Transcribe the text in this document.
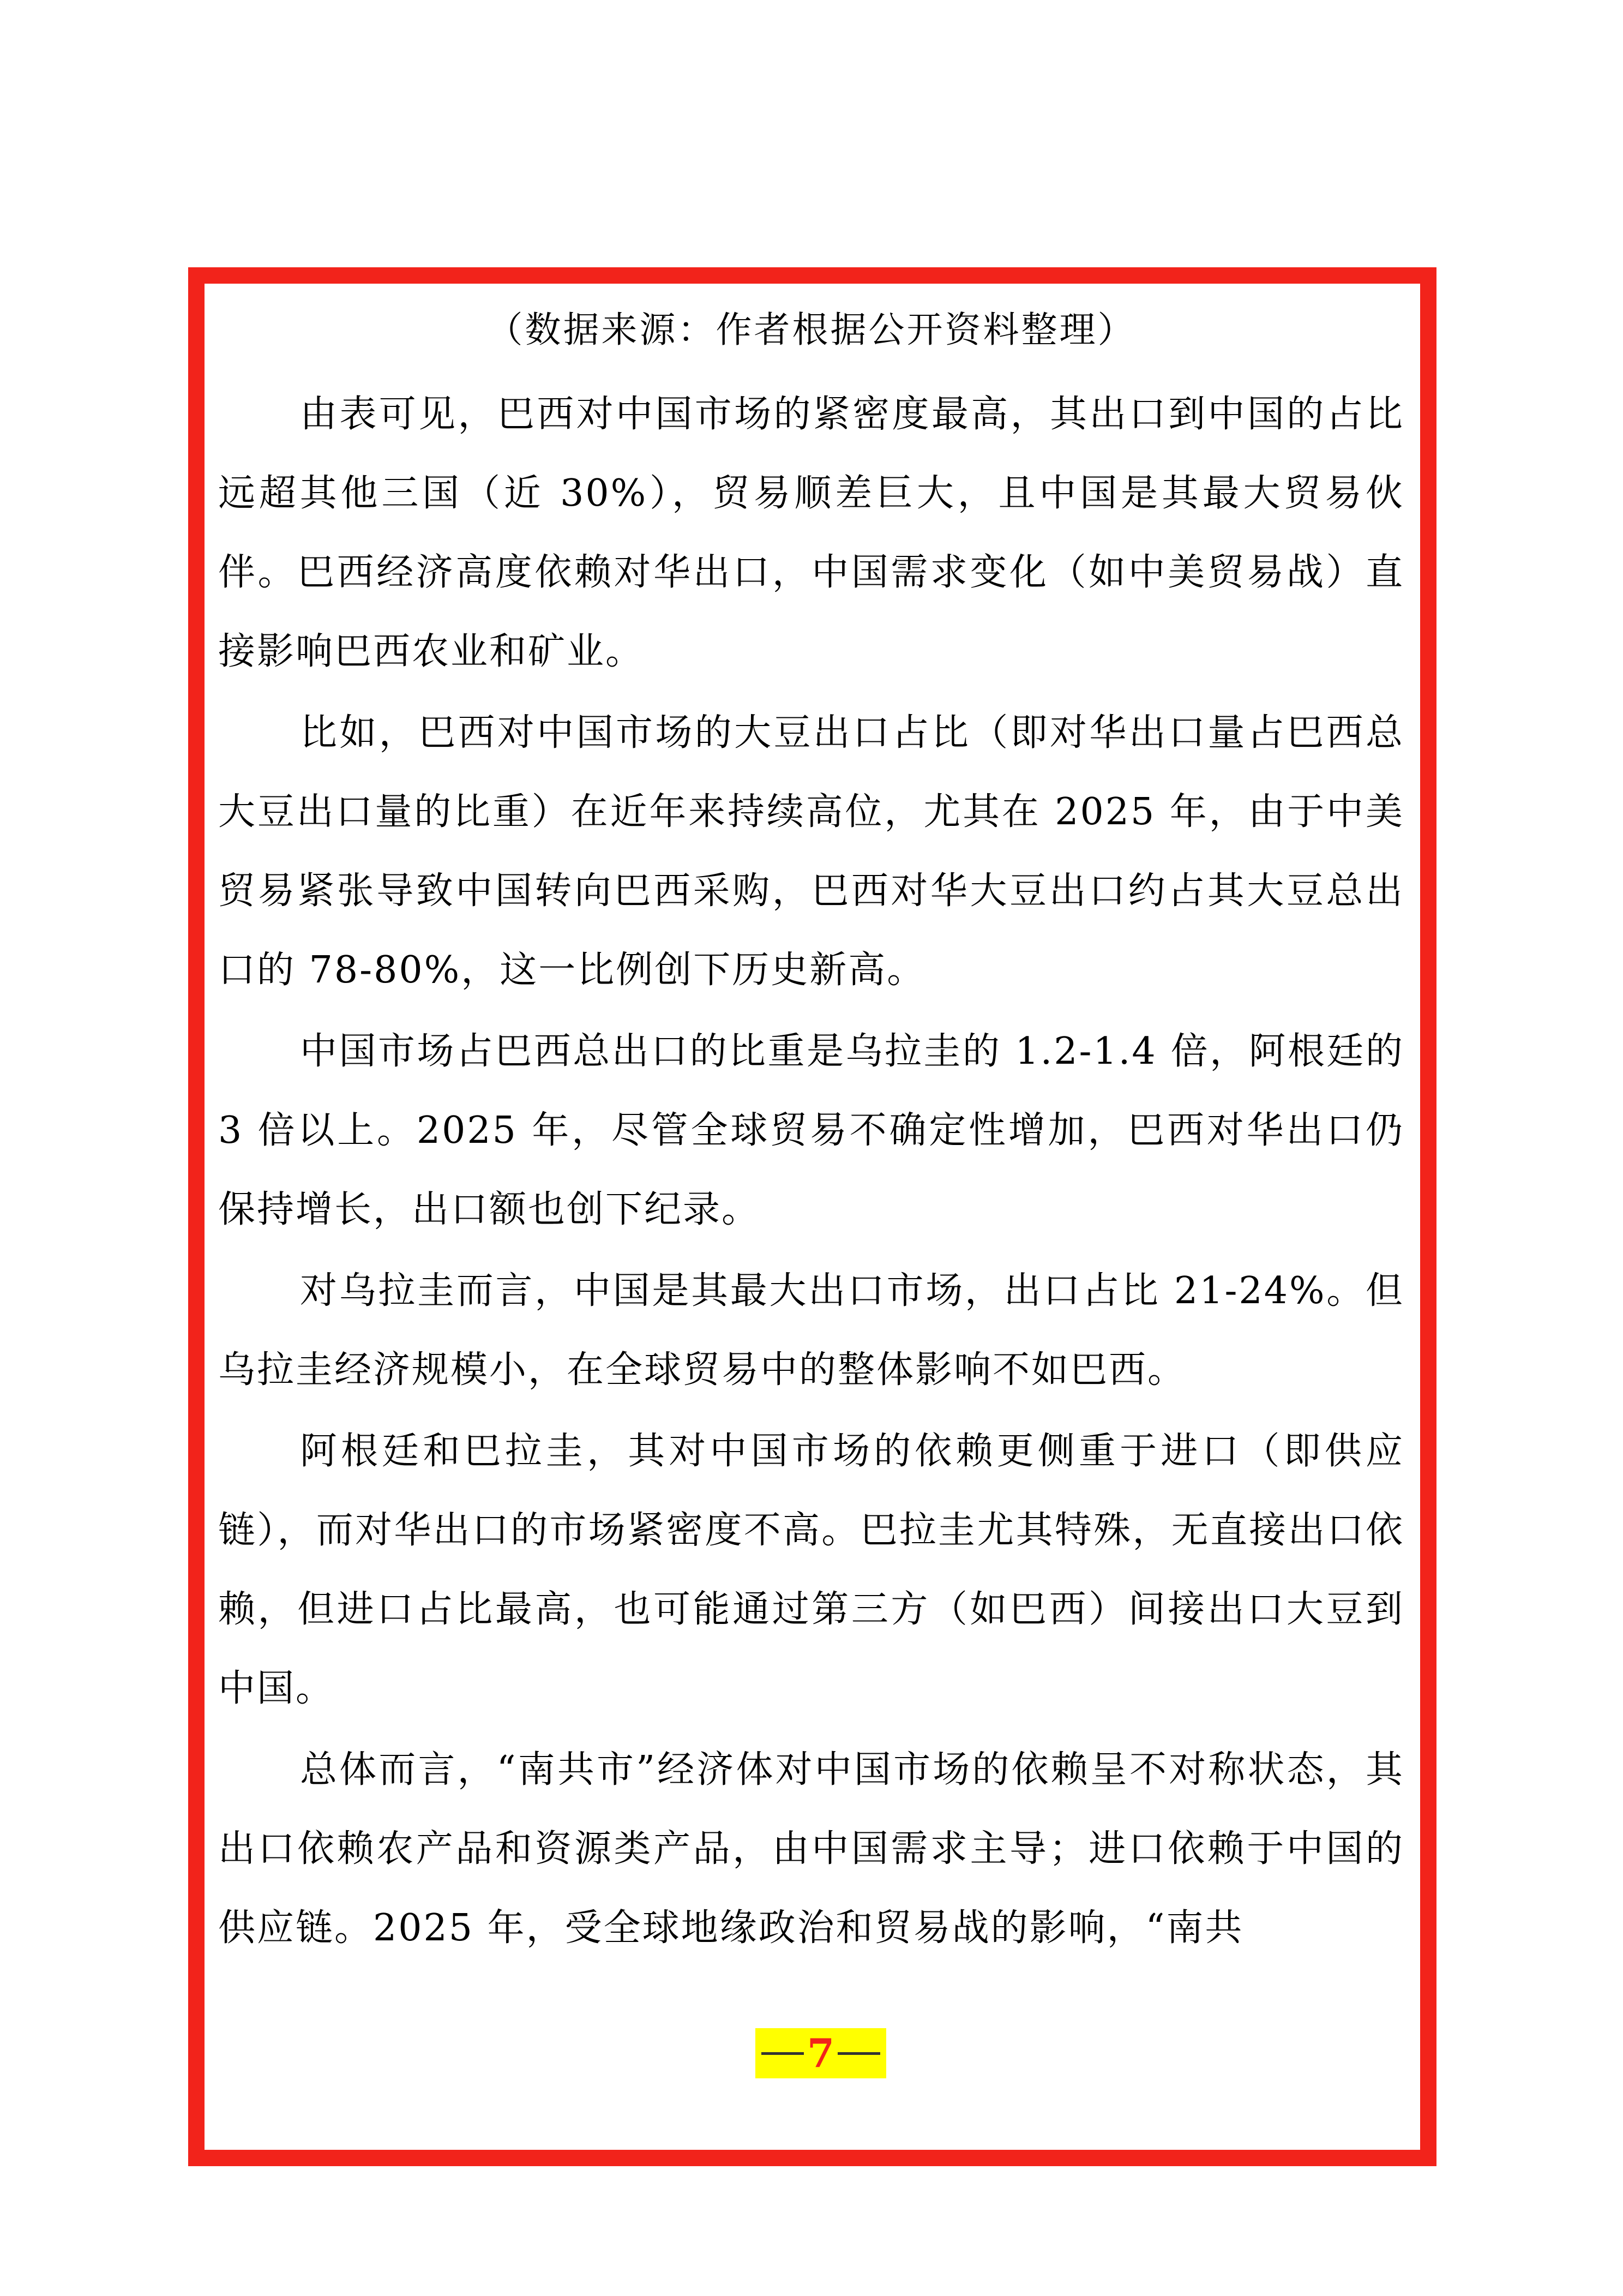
（数据来源：作者根据公开资料整理）

由表可见，巴西对中国市场的紧密度最高，其出口到中国的占比远超其他三国（近 30%），贸易顺差巨大，且中国是其最大贸易伙伴。巴西经济高度依赖对华出口，中国需求变化（如中美贸易战）直接影响巴西农业和矿业。

比如，巴西对中国市场的大豆出口占比（即对华出口量占巴西总大豆出口量的比重）在近年来持续高位，尤其在 2025 年，由于中美贸易紧张导致中国转向巴西采购，巴西对华大豆出口约占其大豆总出口的 78-80%，这一比例创下历史新高。

中国市场占巴西总出口的比重是乌拉圭的 1.2-1.4 倍，阿根廷的 3 倍以上。2025 年，尽管全球贸易不确定性增加，巴西对华出口仍保持增长，出口额也创下纪录。

对乌拉圭而言，中国是其最大出口市场，出口占比 21-24%。但乌拉圭经济规模小，在全球贸易中的整体影响不如巴西。

阿根廷和巴拉圭，其对中国市场的依赖更侧重于进口（即供应链），而对华出口的市场紧密度不高。巴拉圭尤其特殊，无直接出口依赖，但进口占比最高，也可能通过第三方（如巴西）间接出口大豆到中国。

总体而言，“南共市”经济体对中国市场的依赖呈不对称状态，其出口依赖农产品和资源类产品，由中国需求主导；进口依赖于中国的供应链。2025 年，受全球地缘政治和贸易战的影响，“南共

7
